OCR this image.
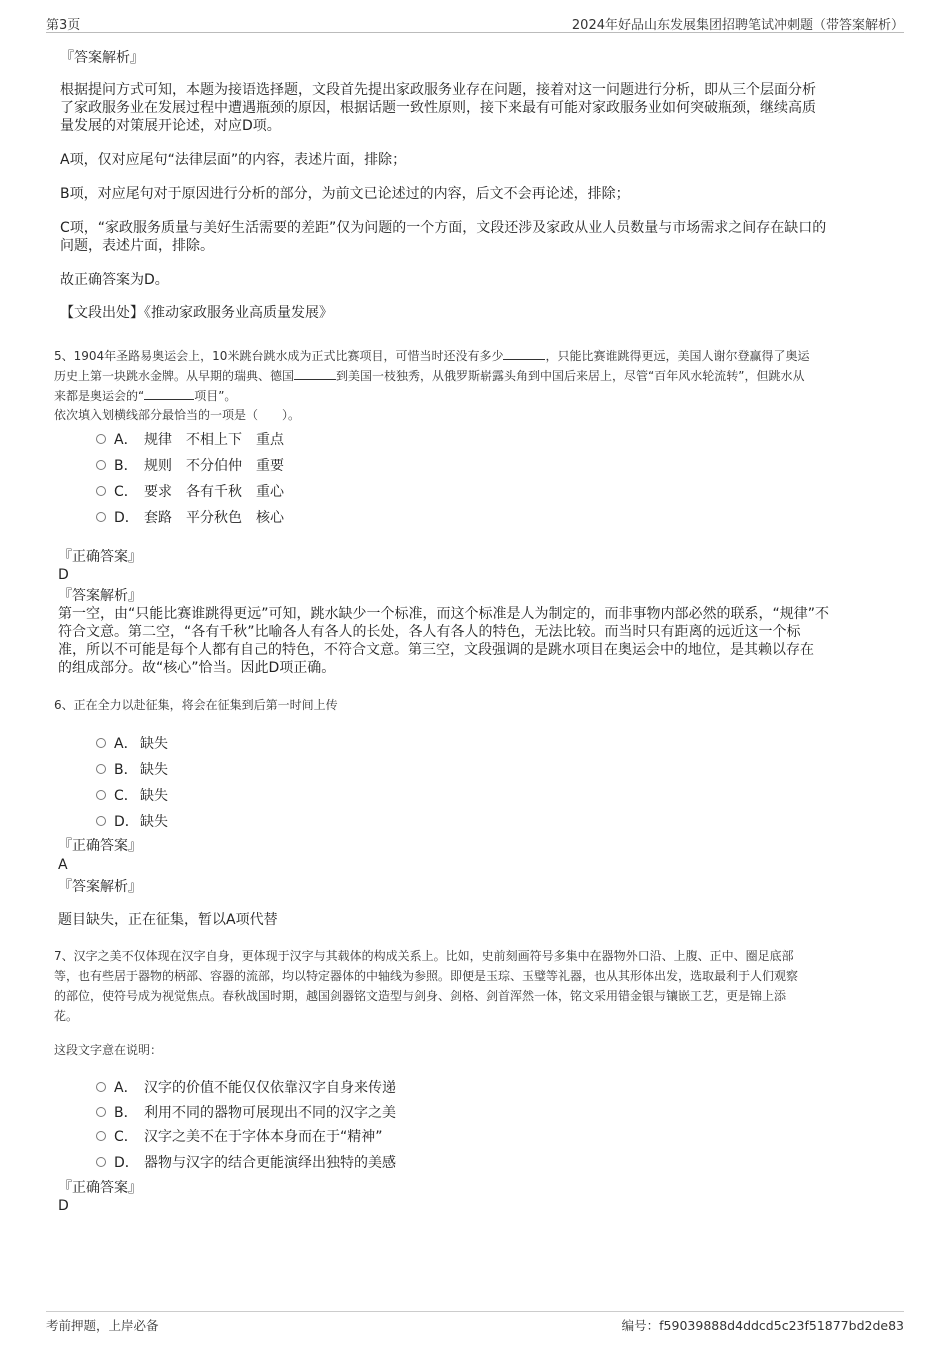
第3页	2024年好品山东发展集团招聘笔试冲刺题（带答案解析）
『答案解析』
根据提问方式可知，本题为接语选择题，文段首先提出家政服务业存在问题，接着对这一问题进行分析，即从三个层面分析
了家政服务业在发展过程中遭遇瓶颈的原因，根据话题一致性原则，接下来最有可能对家政服务业如何突破瓶颈，继续高质
量发展的对策展开论述，对应D项。
A项，仅对应尾句“法律层面”的内容，表述片面，排除；
B项，对应尾句对于原因进行分析的部分，为前文已论述过的内容，后文不会再论述，排除；
C项，“家政服务质量与美好生活需要的差距”仅为问题的一个方面，文段还涉及家政从业人员数量与市场需求之间存在缺口的
问题，表述片面，排除。
故正确答案为D。
【文段出处】《推动家政服务业高质量发展》
5、1904年圣路易奥运会上，10米跳台跳水成为正式比赛项目，可惜当时还没有多少	，只能比赛谁跳得更远，美国人谢尔登赢得了奥运
历史上第一块跳水金牌。从早期的瑞典、德国	到美国一枝独秀，从俄罗斯崭露头角到中国后来居上，尽管“百年风水轮流转”，但跳水从
来都是奥运会的“	项目”。
依次填入划横线部分最恰当的一项是（　　）。
A． 规律 不相上下 重点
B． 规则 不分伯仲 重要
C． 要求 各有千秋 重心
D． 套路 平分秋色 核心
『正确答案』
D
『答案解析』
第一空，由“只能比赛谁跳得更远”可知，跳水缺少一个标准，而这个标准是人为制定的，而非事物内部必然的联系，“规律”不
符合文意。第二空，“各有千秋”比喻各人有各人的长处，各人有各人的特色，无法比较。而当时只有距离的远近这一个标
准，所以不可能是每个人都有自己的特色，不符合文意。第三空，文段强调的是跳水项目在奥运会中的地位，是其赖以存在
的组成部分。故“核心”恰当。因此D项正确。
6、正在全力以赴征集，将会在征集到后第一时间上传
A． 缺失
B． 缺失
C． 缺失
D．缺失
『正确答案』
A
『答案解析』
题目缺失，正在征集，暂以A项代替
7、汉字之美不仅体现在汉字自身，更体现于汉字与其载体的构成关系上。比如，史前刻画符号多集中在器物外口沿、上腹、正中、圈足底部
等，也有些居于器物的柄部、容器的流部，均以特定器体的中轴线为参照。即便是玉琮、玉璧等礼器，也从其形体出发，选取最利于人们观察
的部位，使符号成为视觉焦点。春秋战国时期，越国剑器铭文造型与剑身、剑格、剑首浑然一体，铭文采用错金银与镶嵌工艺，更是锦上添
花。
这段文字意在说明：
A． 汉字的价值不能仅仅依靠汉字自身来传递
B． 利用不同的器物可展现出不同的汉字之美
C． 汉字之美不在于字体本身而在于“精神”
D． 器物与汉字的结合更能演绎出独特的美感
『正确答案』
D
考前押题，上岸必备	编号：f59039888d4ddcd5c23f51877bd2de83
